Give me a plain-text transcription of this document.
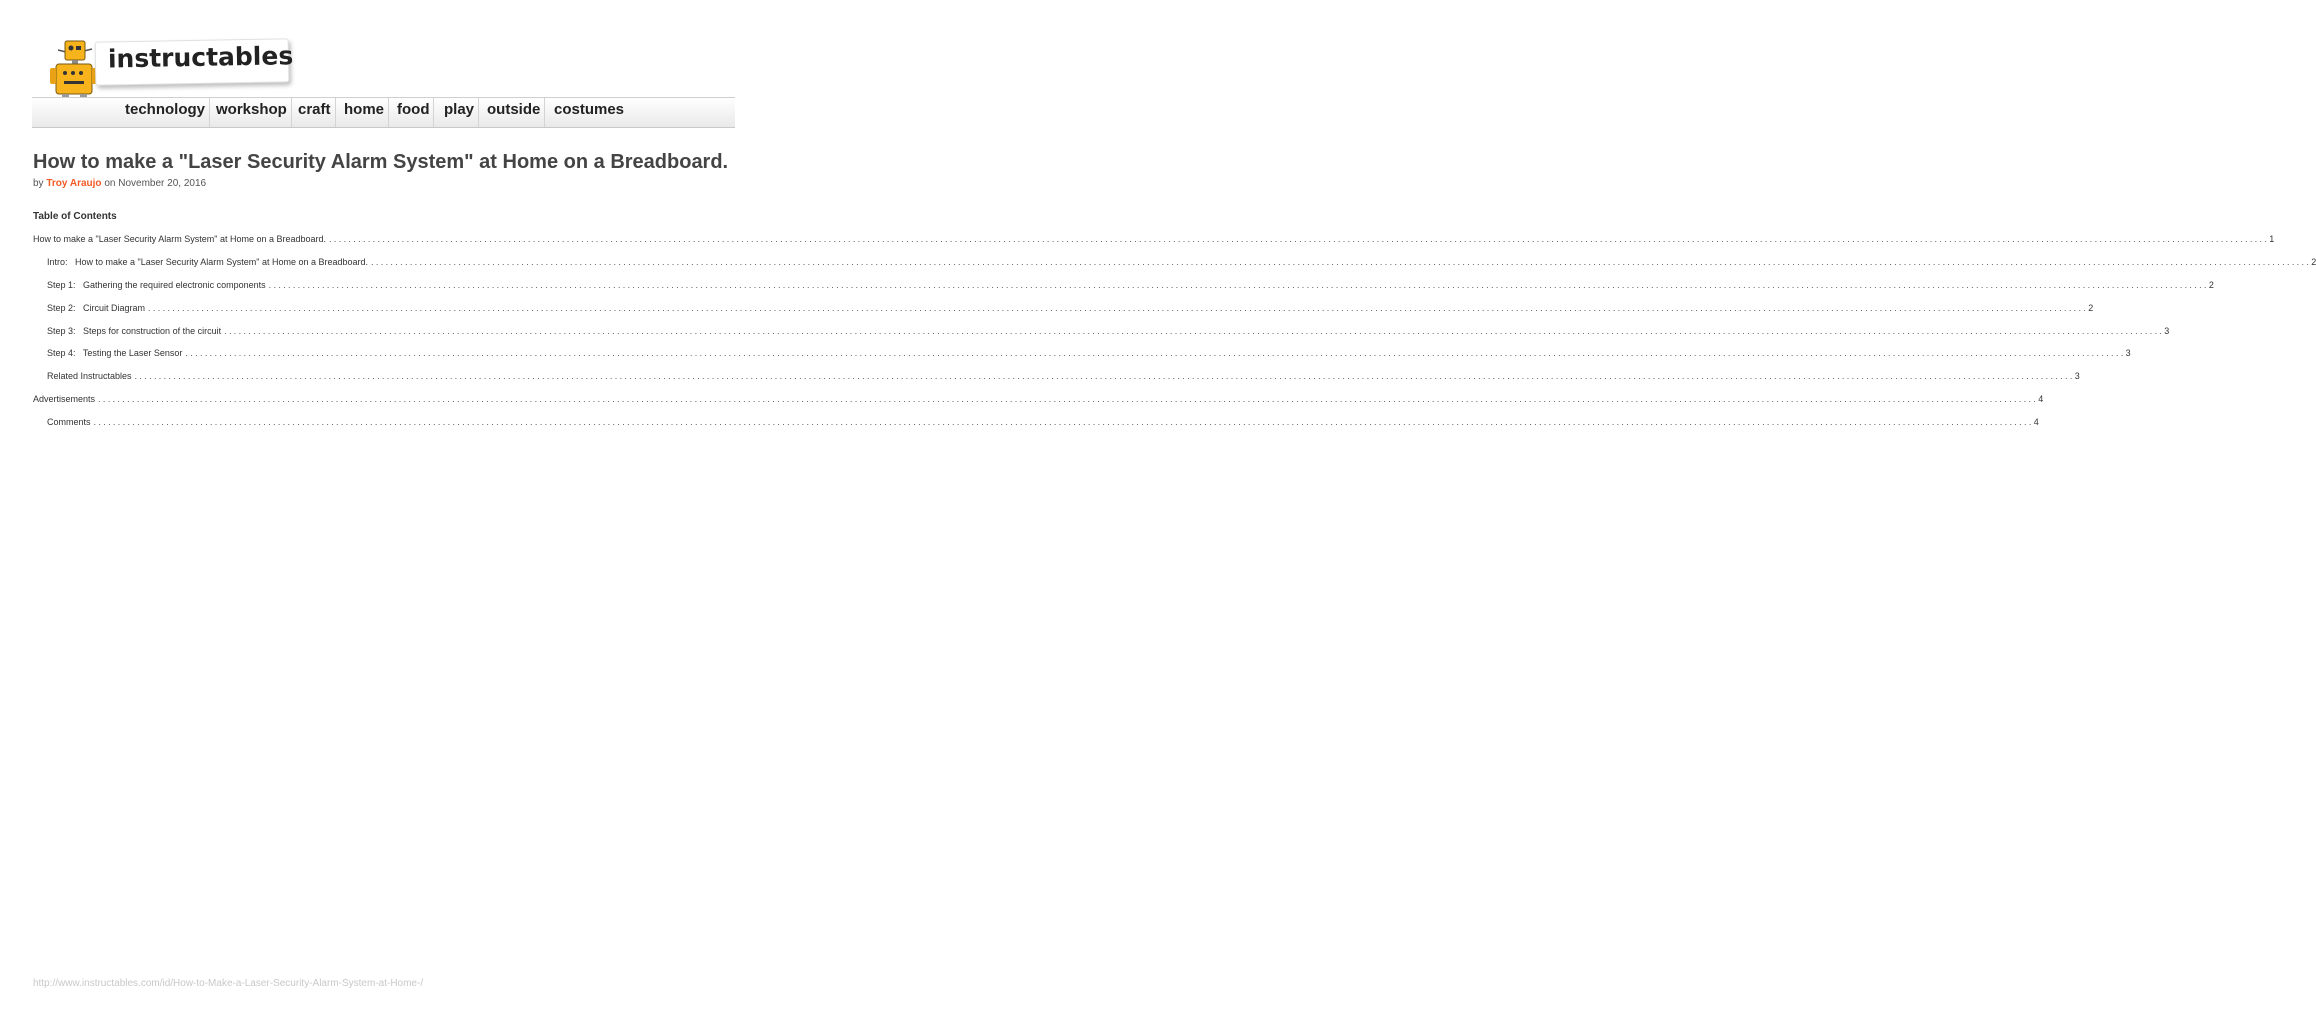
instructables
technology workshop craft home food play outside costumes
How to make a "Laser Security Alarm System" at Home on a Breadboard.
by Troy Araujo on November 20, 2016
Table of Contents
How to make a "Laser Security Alarm System" at Home on a Breadboard. ................................................................................................................................................................................................................................................................................................................................................................................................................ 1
Intro:   How to make a "Laser Security Alarm System" at Home on a Breadboard. ................................................................................................................................................................................................................................................................................................................................................................................................................ 2
Step 1:   Gathering the required electronic components ................................................................................................................................................................................................................................................................................................................................................................................................................ 2
Step 2:   Circuit Diagram ................................................................................................................................................................................................................................................................................................................................................................................................................ 2
Step 3:   Steps for construction of the circuit ................................................................................................................................................................................................................................................................................................................................................................................................................ 3
Step 4:   Testing the Laser Sensor ................................................................................................................................................................................................................................................................................................................................................................................................................ 3
Related Instructables ................................................................................................................................................................................................................................................................................................................................................................................................................ 3
Advertisements ................................................................................................................................................................................................................................................................................................................................................................................................................ 4
Comments ................................................................................................................................................................................................................................................................................................................................................................................................................ 4
http://www.instructables.com/id/How-to-Make-a-Laser-Security-Alarm-System-at-Home-/
